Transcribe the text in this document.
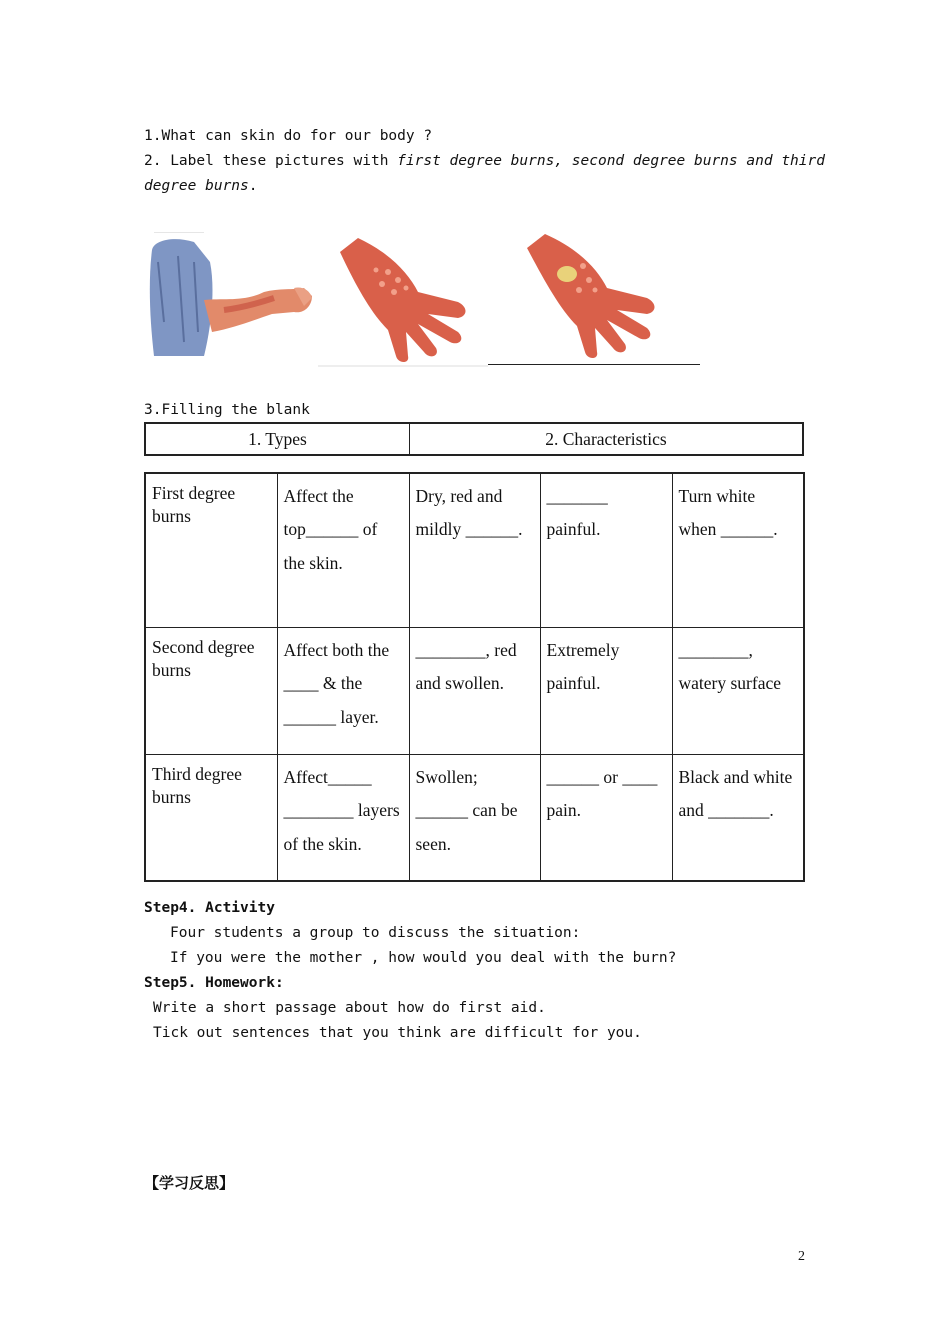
1.What can skin do for our body ?
2. Label these pictures with first degree burns, second degree burns and third
degree burns.
3.Filling the blank
1. Types	2. Characteristics
First degree burns	Affect the top______ of the skin.	Dry, red and mildly ______.	_______ painful.	Turn white when ______.
Second degree burns	Affect both the ____ & the ______ layer.	________, red and swollen.	Extremely painful.	________, watery surface
Third degree burns	Affect_____ ________ layers of the skin.	Swollen; ______ can be seen.	______ or ____ pain.	Black and white and _______.
Step4. Activity
Four students a group to discuss the situation:
If you were the mother , how would you deal with the burn?
Step5. Homework:
Write a short passage about how do first aid.
Tick out sentences that you think are difficult for you.
【学习反思】
2
